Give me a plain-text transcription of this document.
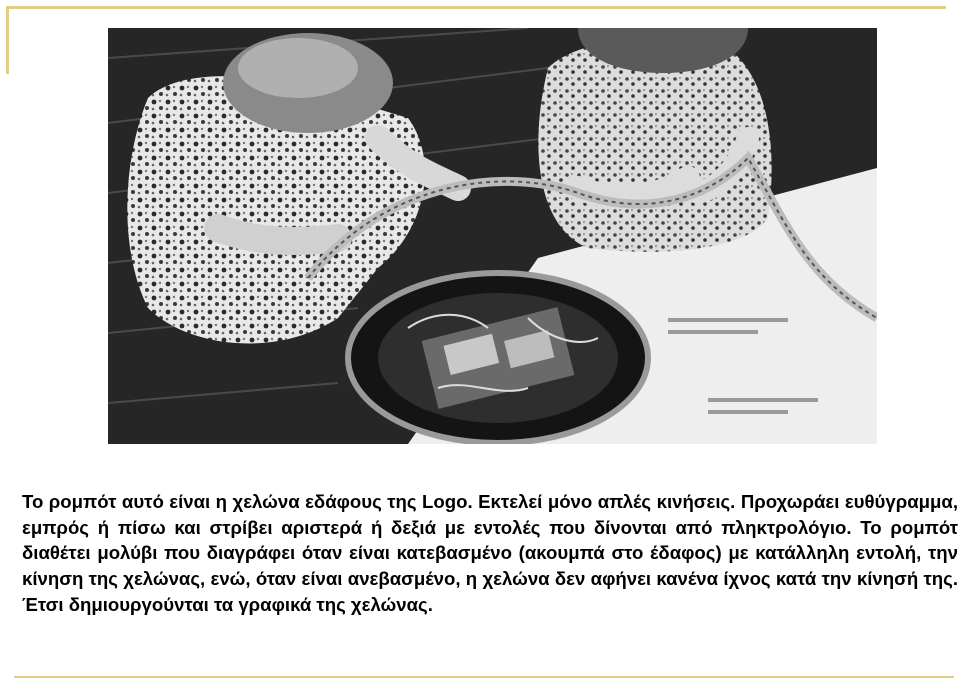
Το ρομπότ αυτό είναι η χελώνα εδάφους της Logo. Εκτελεί μόνο απλές κινήσεις. Προχωράει ευθύγραμμα, εμπρός ή πίσω και στρίβει αριστερά ή δεξιά με εντολές που δίνονται από πληκτρολόγιο. Το ρομπότ διαθέτει μολύβι που διαγράφει όταν είναι κατεβασμένο (ακουμπά στο έδαφος) με κατάλληλη εντολή, την κίνηση της χελώνας, ενώ, όταν είναι ανεβασμένο, η χελώνα δεν αφήνει κανένα ίχνος κατά την κίνησή της. Έτσι δημιουργούνται τα γραφικά της χελώνας.
